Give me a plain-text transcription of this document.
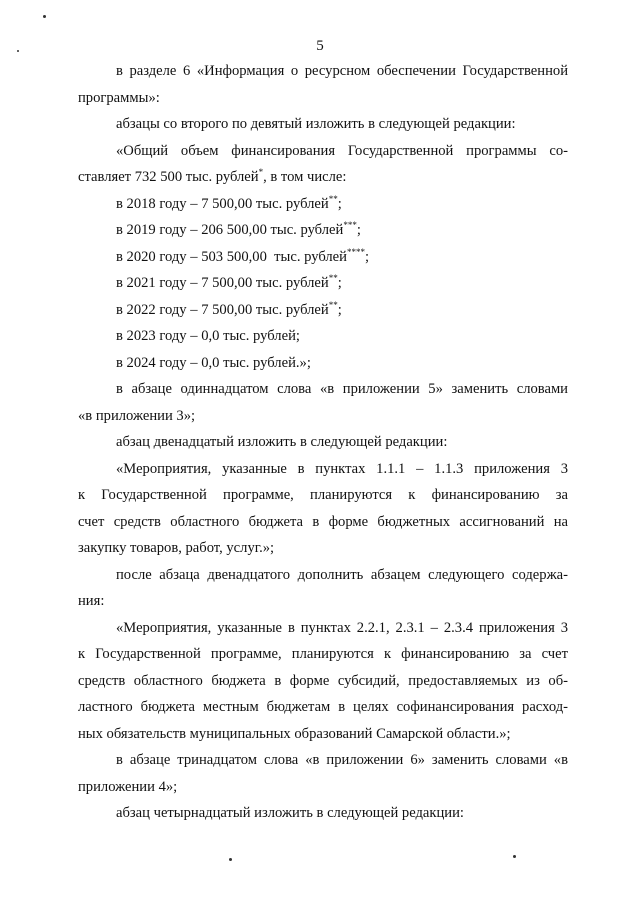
5

в разделе 6 «Информация о ресурсном обеспечении Государственной

программы»:

абзацы со второго по девятый изложить в следующей редакции:

«Общий объем финансирования Государственной программы со-

ставляет 732 500 тыс. рублей*, в том числе:

в 2018 году – 7 500,00 тыс. рублей**;

в 2019 году – 206 500,00 тыс. рублей***;

в 2020 году – 503 500,00  тыс. рублей****;

в 2021 году – 7 500,00 тыс. рублей**;

в 2022 году – 7 500,00 тыс. рублей**;

в 2023 году – 0,0 тыс. рублей;

в 2024 году – 0,0 тыс. рублей.»;

в абзаце одиннадцатом слова «в приложении 5» заменить словами

«в приложении 3»;

абзац двенадцатый изложить в следующей редакции:

«Мероприятия, указанные в пунктах 1.1.1 – 1.1.3 приложения 3

к Государственной программе, планируются к финансированию за
счет средств областного бюджета в форме бюджетных ассигнований на
закупку товаров, работ, услуг.»;

после абзаца двенадцатого дополнить абзацем следующего содержа-

ния:

«Мероприятия, указанные в пунктах 2.2.1, 2.3.1 – 2.3.4 приложения 3

к Государственной программе, планируются к финансированию за счет
средств областного бюджета в форме субсидий, предоставляемых из об-
ластного бюджета местным бюджетам в целях софинансирования расход-
ных обязательств муниципальных образований Самарской области.»;

в абзаце тринадцатом слова «в приложении 6» заменить словами «в

приложении 4»;

абзац четырнадцатый изложить в следующей редакции:
